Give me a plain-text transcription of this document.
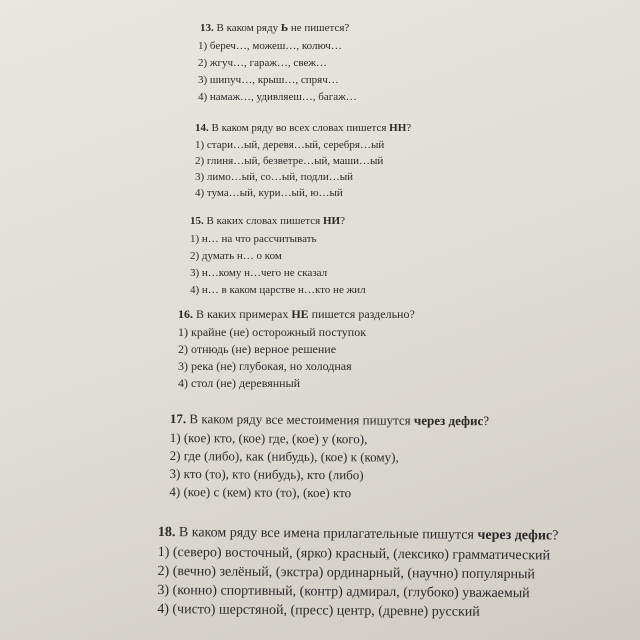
13. В каком ряду Ь не пишется?
1) береч…, можеш…, колюч…
2) жгуч…, гараж…, свеж…
3) шипуч…, крыш…, спряч…
4) намаж…, удивляеш…, багаж…
14. В каком ряду во всех словах пишется НН?
1) стари…ый, деревя…ый, серебря…ый
2) глиня…ый, безветре…ый, маши…ый
3) лимо…ый, со…ый, подли…ый
4) тума…ый, кури…ый, ю…ый
15. В каких словах пишется НИ?
1) н… на что рассчитывать
2) думать н… о ком
3) н…кому н…чего не сказал
4) н… в каком царстве н…кто не жил
16. В каких примерах НЕ пишется раздельно?
1) крайне (не) осторожный поступок
2) отнюдь (не) верное решение
3) река (не) глубокая, но холодная
4) стол (не) деревянный
17. В каком ряду все местоимения пишутся через дефис?
1) (кое) кто, (кое) где, (кое) у (кого),
2) где (либо), как (нибудь), (кое) к (кому),
3) кто (то), кто (нибудь), кто (либо)
4) (кое) с (кем) кто (то), (кое) кто
18. В каком ряду все имена прилагательные пишутся через дефис?
1) (северо) восточный, (ярко) красный, (лексико) грамматический
2) (вечно) зелёный, (экстра) ординарный, (научно) популярный
3) (конно) спортивный, (контр) адмирал, (глубоко) уважаемый
4) (чисто) шерстяной, (пресс) центр, (древне) русский
